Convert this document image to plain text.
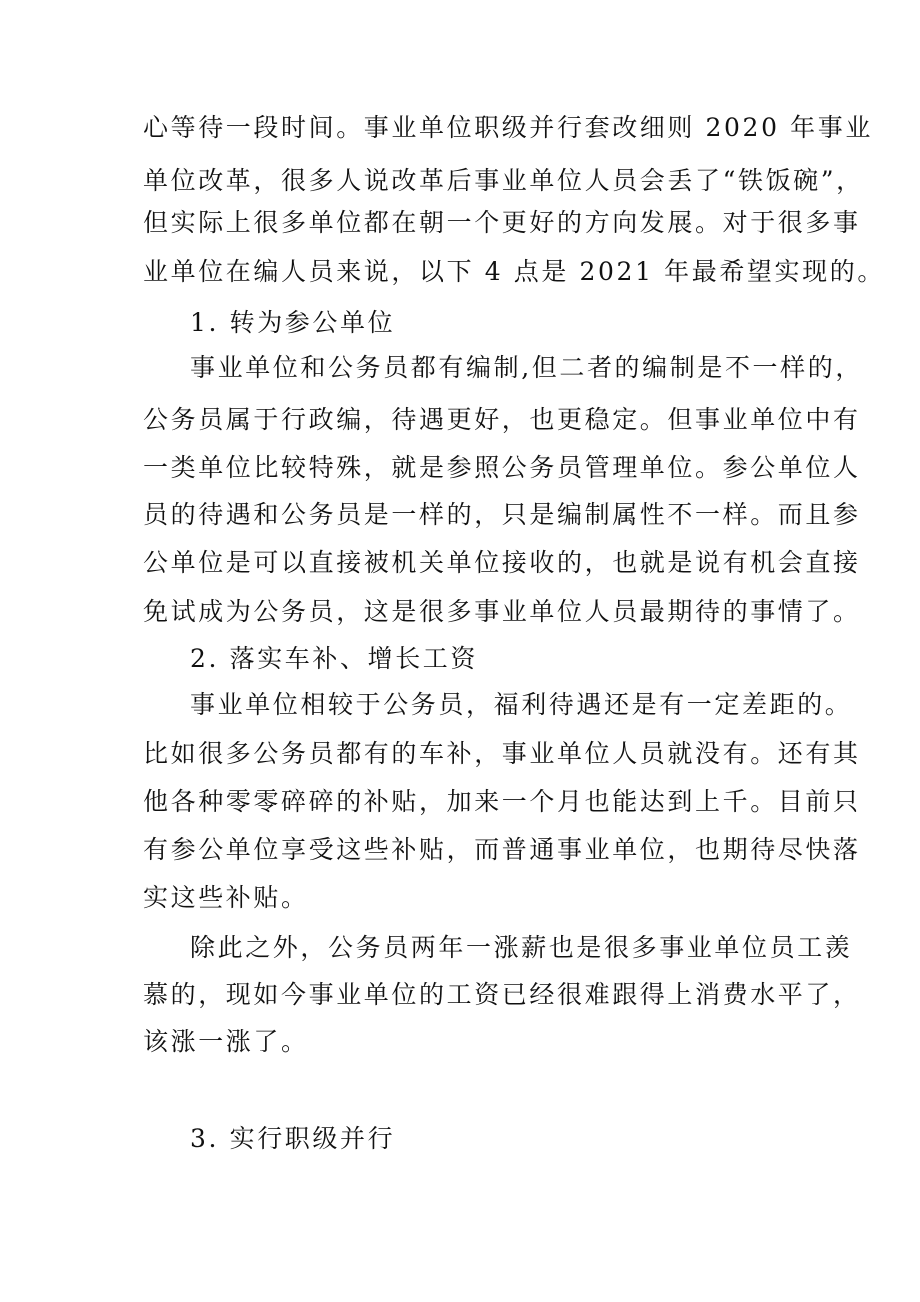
心等待一段时间。事业单位职级并行套改细则 2020 年事业
单位改革，很多人说改革后事业单位人员会丢了“铁饭碗”，
但实际上很多单位都在朝一个更好的方向发展。对于很多事
业单位在编人员来说，以下 4 点是 2021 年最希望实现的。
1. 转为参公单位
事业单位和公务员都有编制,但二者的编制是不一样的，
公务员属于行政编，待遇更好，也更稳定。但事业单位中有
一类单位比较特殊，就是参照公务员管理单位。参公单位人
员的待遇和公务员是一样的，只是编制属性不一样。而且参
公单位是可以直接被机关单位接收的，也就是说有机会直接
免试成为公务员，这是很多事业单位人员最期待的事情了。
2. 落实车补、增长工资
事业单位相较于公务员，福利待遇还是有一定差距的。
比如很多公务员都有的车补，事业单位人员就没有。还有其
他各种零零碎碎的补贴，加来一个月也能达到上千。目前只
有参公单位享受这些补贴，而普通事业单位，也期待尽快落
实这些补贴。
除此之外，公务员两年一涨薪也是很多事业单位员工羡
慕的，现如今事业单位的工资已经很难跟得上消费水平了，
该涨一涨了。
3. 实行职级并行
